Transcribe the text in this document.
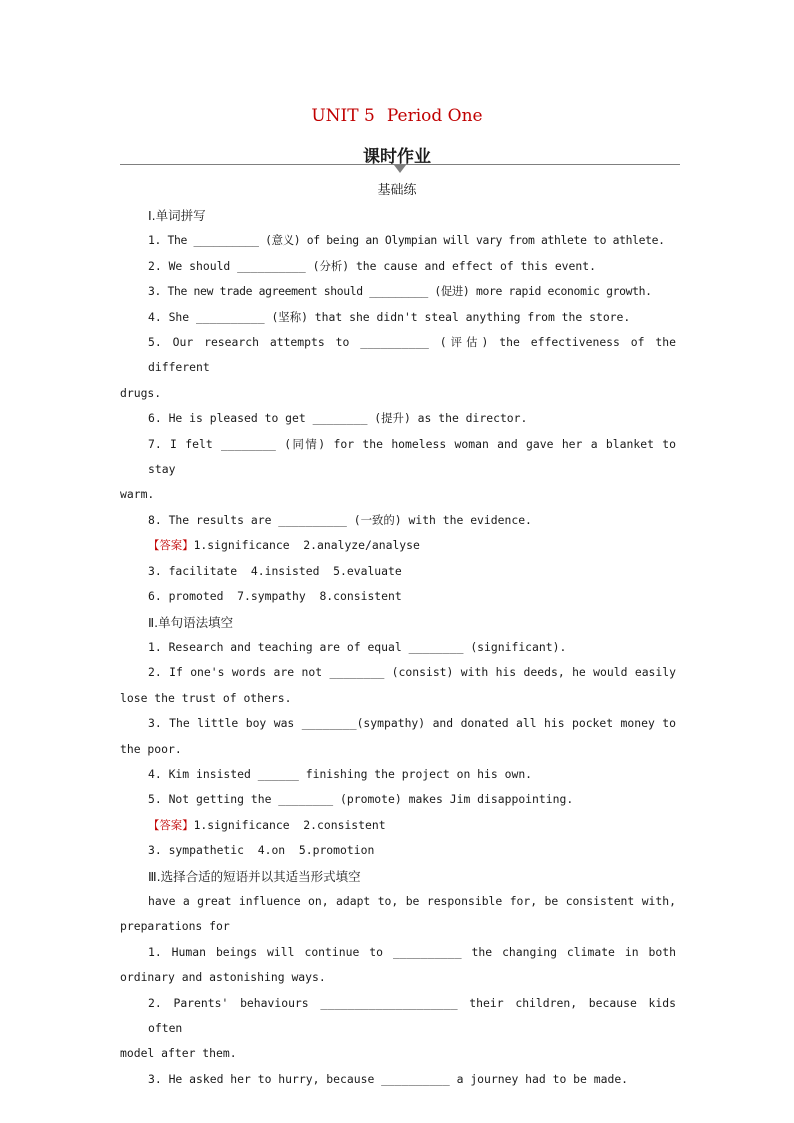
UNIT 5 Period One
课时作业
基础练
Ⅰ.单词拼写
1. The __________ (意义) of being an Olympian will vary from athlete to athlete.
2. We should __________ (分析) the cause and effect of this event.
3. The new trade agreement should _________ (促进) more rapid economic growth.
4. She __________ (坚称) that she didn't steal anything from the store.
5. Our research attempts to __________ (评估) the effectiveness of the different
drugs.
6. He is pleased to get ________ (提升) as the director.
7. I felt ________ (同情) for the homeless woman and gave her a blanket to stay
warm.
8. The results are __________ (一致的) with the evidence.
【答案】1.significance  2.analyze/analyse
3. facilitate  4.insisted  5.evaluate
6. promoted  7.sympathy  8.consistent
Ⅱ.单句语法填空
1. Research and teaching are of equal ________ (significant).
2. If one's words are not ________ (consist) with his deeds, he would easily
lose the trust of others.
3. The little boy was ________(sympathy) and donated all his pocket money to
the poor.
4. Kim insisted ______ finishing the project on his own.
5. Not getting the ________ (promote) makes Jim disappointing.
【答案】1.significance  2.consistent
3. sympathetic  4.on  5.promotion
Ⅲ.选择合适的短语并以其适当形式填空
have a great influence on, adapt to, be responsible for, be consistent with,
preparations for
1. Human beings will continue to __________ the changing climate in both
ordinary and astonishing ways.
2. Parents' behaviours ____________________ their children, because kids often
model after them.
3. He asked her to hurry, because __________ a journey had to be made.
